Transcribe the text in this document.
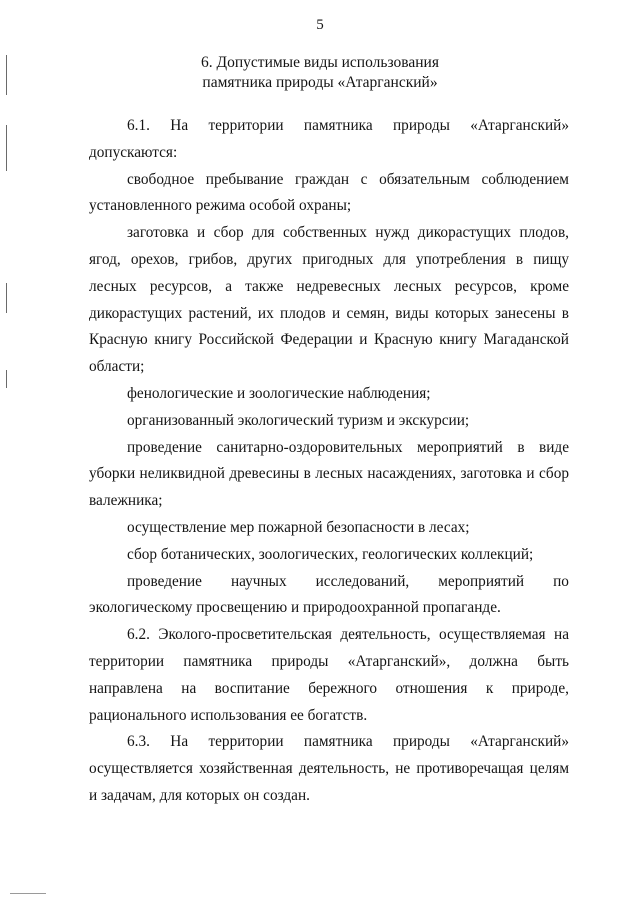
5
6. Допустимые виды использования
памятника природы «Атарганский»
6.1. На территории памятника природы «Атарганский»

допускаются:

свободное пребывание граждан с обязательным соблюдением установленного режима особой охраны;

заготовка и сбор для собственных нужд дикорастущих плодов, ягод, орехов, грибов, других пригодных для употребления в пищу лесных ресурсов, а также недревесных лесных ресурсов, кроме дикорастущих растений, их плодов и семян, виды которых занесены в Красную книгу Российской Федерации и Красную книгу Магаданской области;

фенологические и зоологические наблюдения;

организованный экологический туризм и экскурсии;

проведение санитарно-оздоровительных мероприятий в виде уборки неликвидной древесины в лесных насаждениях, заготовка и сбор валежника;

осуществление мер пожарной безопасности в лесах;

сбор ботанических, зоологических, геологических коллекций;

проведение научных исследований, мероприятий по

экологическому просвещению и природоохранной пропаганде.

6.2. Эколого-просветительская деятельность, осуществляемая на территории памятника природы «Атарганский», должна быть направлена на воспитание бережного отношения к природе, рационального использования ее богатств.

6.3. На территории памятника природы «Атарганский»

осуществляется хозяйственная деятельность, не противоречащая целям и задачам, для которых он создан.
